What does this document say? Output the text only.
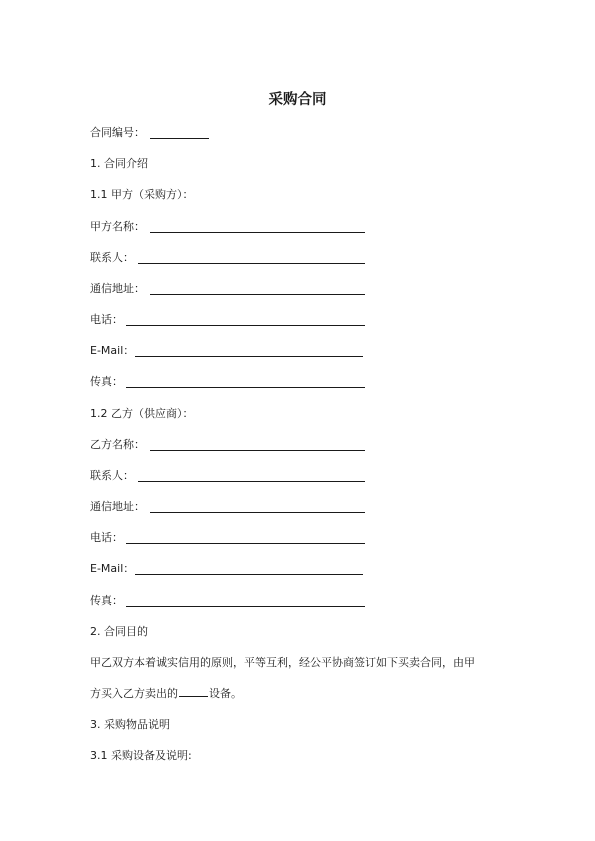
采购合同
合同编号：
1. 合同介绍
1.1 甲方（采购方）：
甲方名称：
联系人：
通信地址：
电话：
E-Mail：
传真：
1.2 乙方（供应商）：
乙方名称：
联系人：
通信地址：
电话：
E-Mail：
传真：
2. 合同目的
甲乙双方本着诚实信用的原则，平等互利，经公平协商签订如下买卖合同，由甲
方买入乙方卖出的	设备。
3. 采购物品说明
3.1 采购设备及说明:
